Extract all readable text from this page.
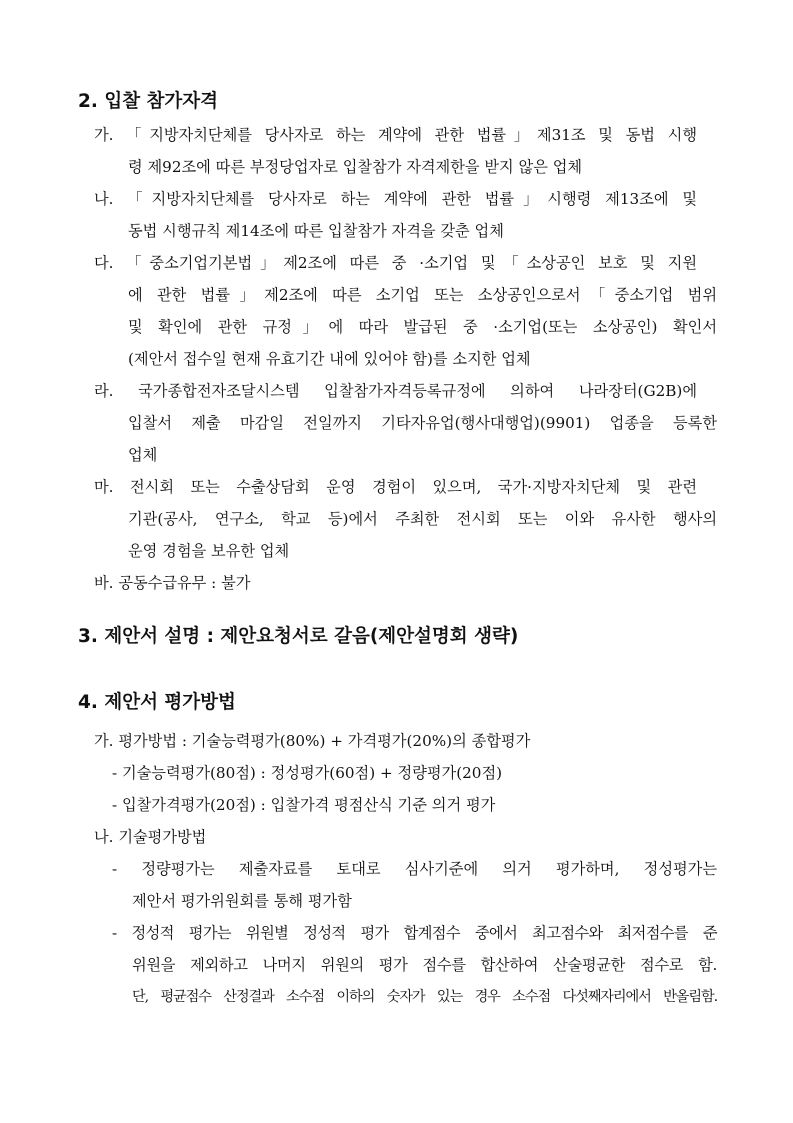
2. 입찰 참가자격

가. 「지방자치단체를 당사자로 하는 계약에 관한 법률」제31조 및 동법 시행

령 제92조에 따른 부정당업자로 입찰참가 자격제한을 받지 않은 업체

나. 「지방자치단체를 당사자로 하는 계약에 관한 법률」시행령 제13조에 및

동법 시행규칙 제14조에 따른 입찰참가 자격을 갖춘 업체

다. 「중소기업기본법」제2조에 따른 중 ·소기업 및「소상공인 보호 및 지원

에 관한 법률」제2조에 따른 소기업 또는 소상공인으로서「중소기업 범위

및 확인에 관한 규정」에 따라 발급된 중 ·소기업(또는 소상공인) 확인서

(제안서 접수일 현재 유효기간 내에 있어야 함)를 소지한 업체

라. 국가종합전자조달시스템 입찰참가자격등록규정에 의하여 나라장터(G2B)에

입찰서 제출 마감일 전일까지 기타자유업(행사대행업)(9901) 업종을 등록한

업체

마. 전시회 또는 수출상담회 운영 경험이 있으며, 국가·지방자치단체 및 관련

기관(공사, 연구소, 학교 등)에서 주최한 전시회 또는 이와 유사한 행사의

운영 경험을 보유한 업체

바. 공동수급유무 : 불가

3. 제안서 설명 : 제안요청서로 갈음(제안설명회 생략)
4. 제안서 평가방법

가. 평가방법 : 기술능력평가(80%) + 가격평가(20%)의 종합평가

- 기술능력평가(80점) : 정성평가(60점) + 정량평가(20점)

- 입찰가격평가(20점) : 입찰가격 평점산식 기준 의거 평가

나. 기술평가방법

- 정량평가는 제출자료를 토대로 심사기준에 의거 평가하며, 정성평가는

제안서 평가위원회를 통해 평가함

- 정성적 평가는 위원별 정성적 평가 합계점수 중에서 최고점수와 최저점수를 준

위원을 제외하고 나머지 위원의 평가 점수를 합산하여 산술평균한 점수로 함.

단, 평균점수 산정결과 소수점 이하의 숫자가 있는 경우 소수점 다섯째자리에서 반올림함.
